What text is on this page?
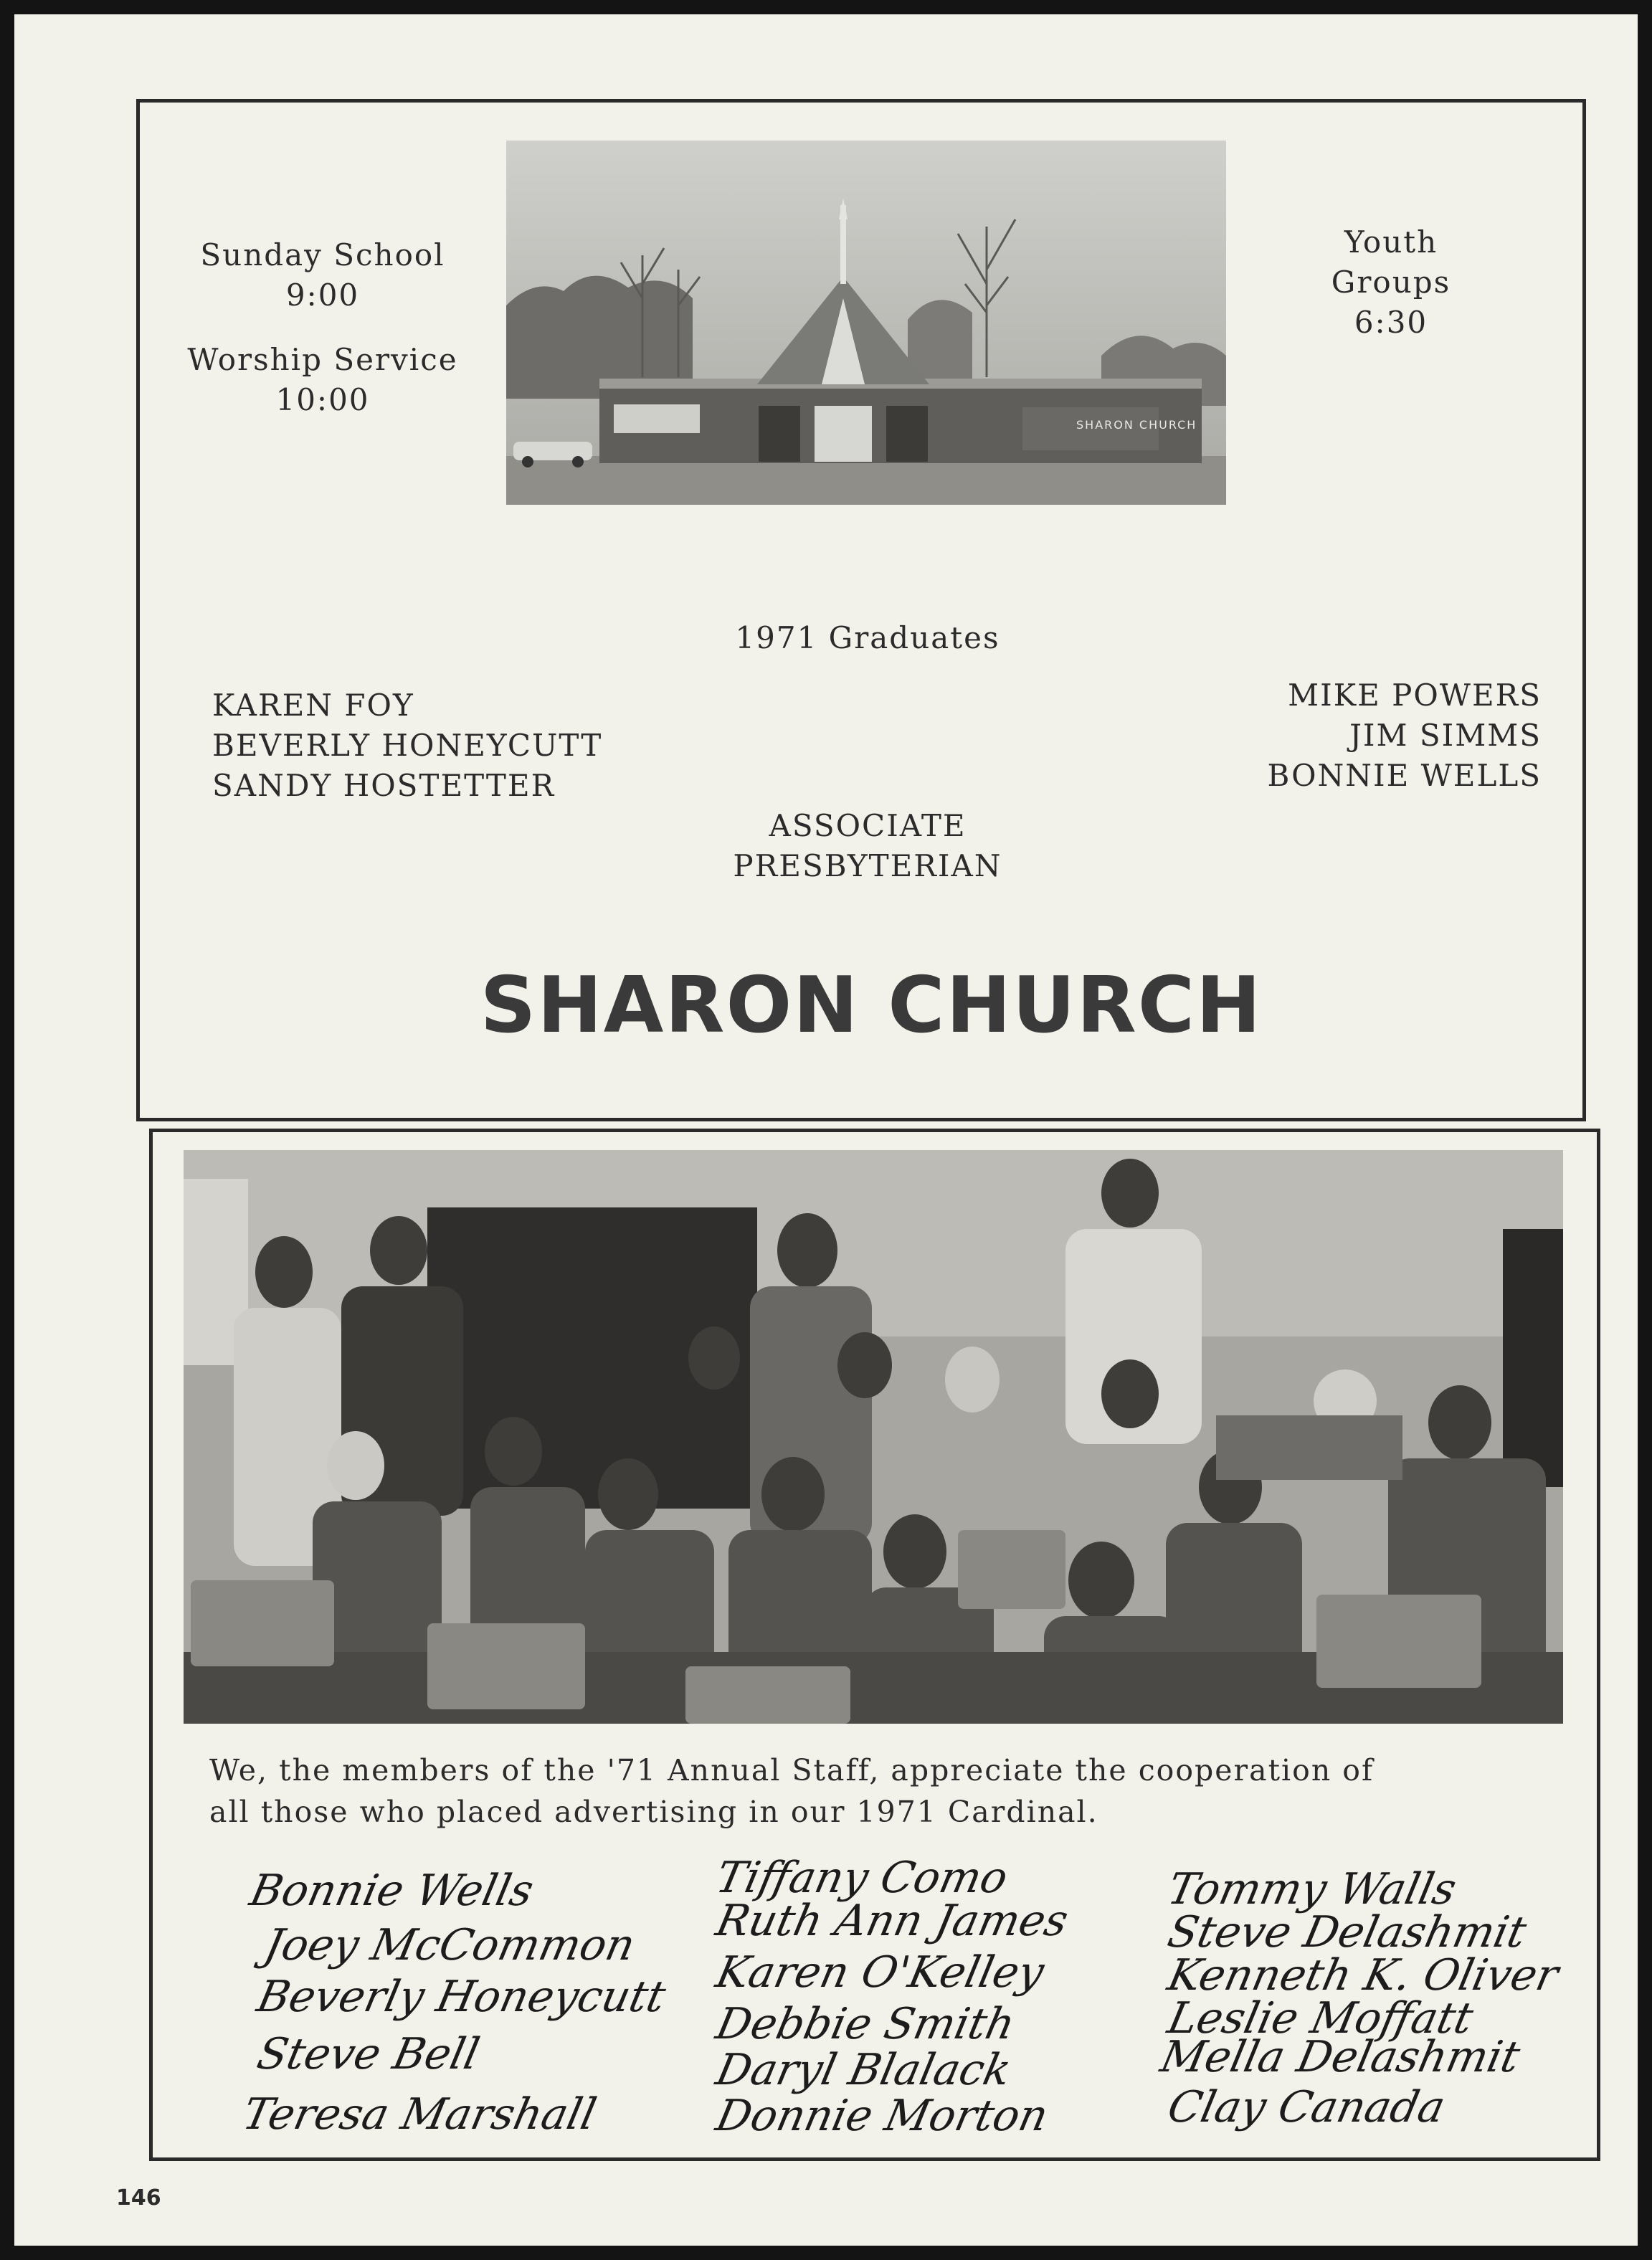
Sunday School
9:00
Worship Service
10:00
Youth
Groups
6:30
SHARON CHURCH
1971 Graduates
KAREN FOY
BEVERLY HONEYCUTT
SANDY HOSTETTER
MIKE POWERS
JIM SIMMS
BONNIE WELLS
ASSOCIATE
PRESBYTERIAN
SHARON CHURCH
We, the members of the '71 Annual Staff, appreciate the cooperation of
all those who placed advertising in our 1971 Cardinal.
Bonnie Wells
Joey McCommon
Beverly Honeycutt
Steve Bell
Teresa Marshall
Tiffany Como
Ruth Ann James
Karen O'Kelley
Debbie Smith
Daryl Blalack
Donnie Morton
Tommy Walls
Steve Delashmit
Kenneth K. Oliver
Leslie Moffatt
Mella Delashmit
Clay Canada
146
